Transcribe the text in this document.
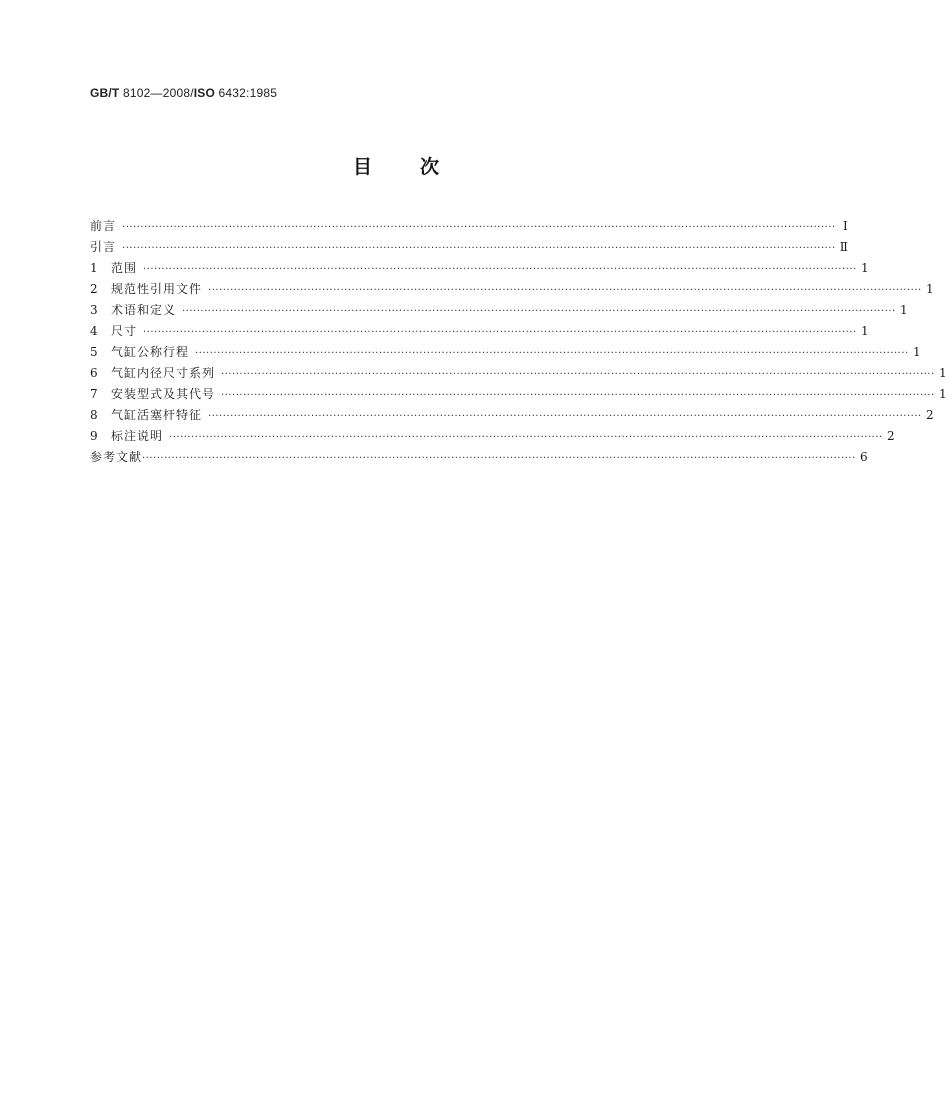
GB/T 8102—2008/ISO 6432:1985
目	次
前言 ·································································································································································································· Ⅰ
引言 ·································································································································································································· Ⅱ
1	范围 ·································································································································································································· 1
2	规范性引用文件 ·································································································································································································· 1
3	术语和定义 ·································································································································································································· 1
4	尺寸 ·································································································································································································· 1
5	气缸公称行程 ·································································································································································································· 1
6	气缸内径尺寸系列 ·································································································································································································· 1
7	安装型式及其代号 ·································································································································································································· 1
8	气缸活塞杆特征 ·································································································································································································· 2
9	标注说明 ·································································································································································································· 2
参考文献 ·································································································································································································· 6
